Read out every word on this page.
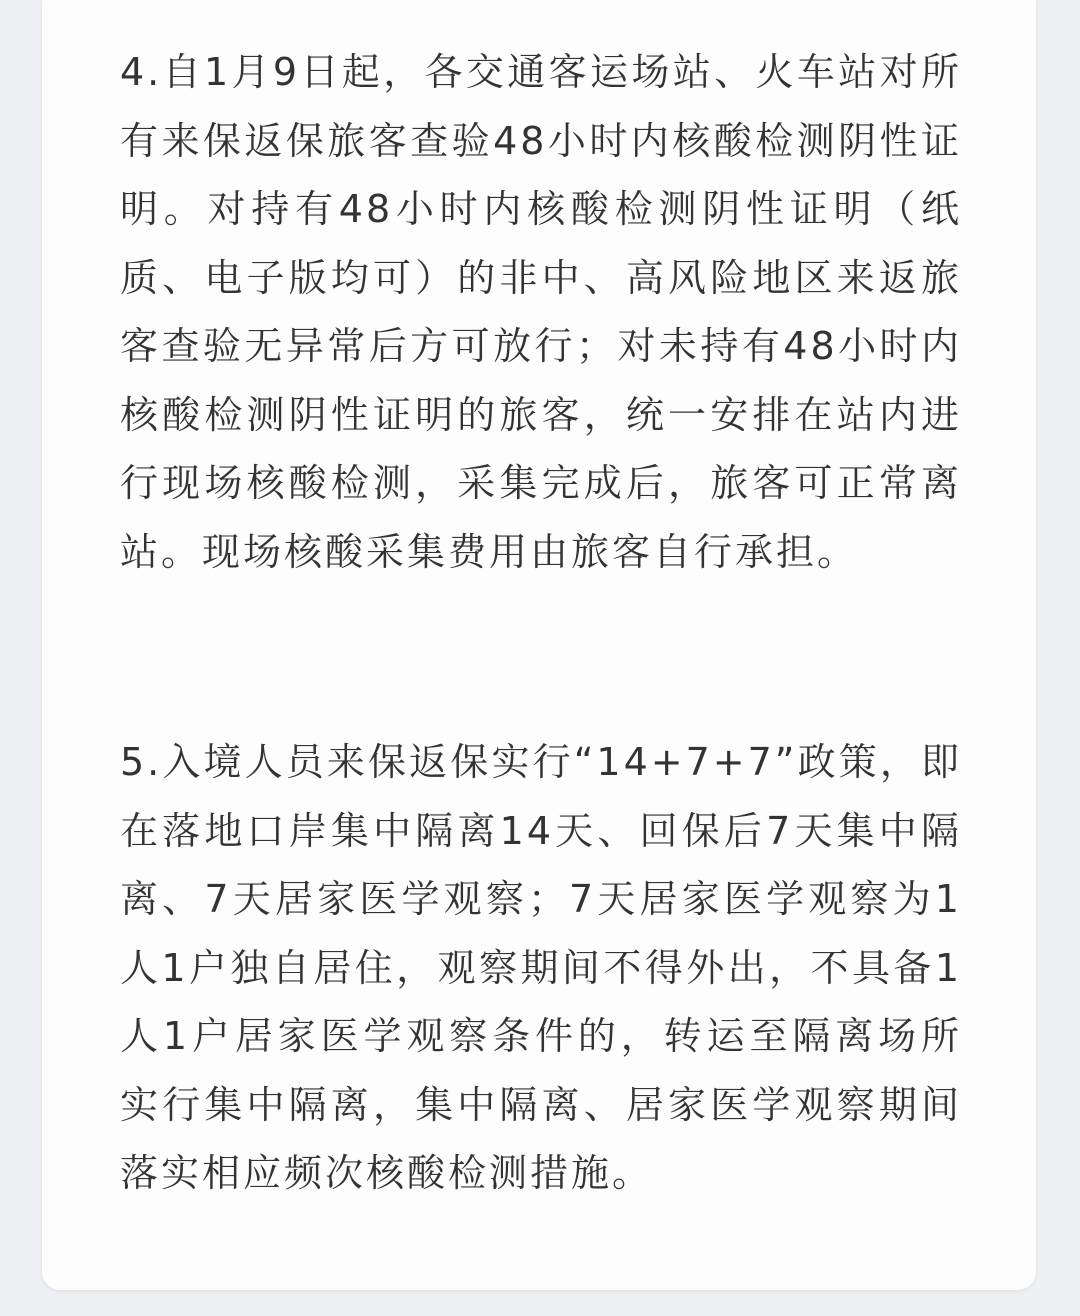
4.自1月9日起，各交通客运场站、火车站对所有来保返保旅客查验48小时内核酸检测阴性证明。对持有48小时内核酸检测阴性证明（纸质、电子版均可）的非中、高风险地区来返旅客查验无异常后方可放行；对未持有48小时内核酸检测阴性证明的旅客，统一安排在站内进行现场核酸检测，采集完成后，旅客可正常离站。现场核酸采集费用由旅客自行承担。

5.入境人员来保返保实行“14+7+7”政策，即在落地口岸集中隔离14天、回保后7天集中隔离、7天居家医学观察；7天居家医学观察为1人1户独自居住，观察期间不得外出，不具备1人1户居家医学观察条件的，转运至隔离场所实行集中隔离，集中隔离、居家医学观察期间落实相应频次核酸检测措施。
